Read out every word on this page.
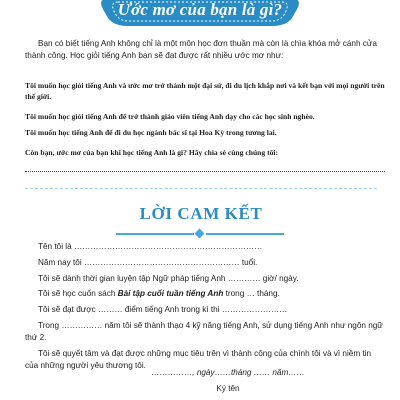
Ước mơ của bạn là gì?

Bạn có biết tiếng Anh không chỉ là một môn học đơn thuần mà còn là chìa khóa mở cánh cửa thành công. Học giỏi tiếng Anh bạn sẽ đạt được rất nhiều ước mơ như:

Tôi muốn học giỏi tiếng Anh và ước mơ trở thành một đại sứ, đi du lịch khắp nơi và kết bạn với mọi người trên thế giới.

Tôi muốn học giỏi tiếng Anh để trở thành giáo viên tiếng Anh dạy cho các học sinh nghèo.

Tôi muốn học tiếng Anh để đi du học ngành bác sĩ tại Hoa Kỳ trong tương lai.

Còn bạn, ước mơ của bạn khi học tiếng Anh là gì? Hãy chia sẻ cùng chúng tôi:

LỜI CAM KẾT

Tên tôi là ……………………………………………………………

Năm nay tôi ………………………………………………… tuổi.

Tôi sẽ dành thời gian luyện tập Ngữ pháp tiếng Anh ………… giờ/ ngày.

Tôi sẽ học cuốn sách Bài tập cuối tuần tiếng Anh trong … tháng.

Tôi sẽ đạt được ……… điểm tiếng Anh trong kì thi ……………………

Trong …………… năm tôi sẽ thành thạo 4 kỹ năng tiếng Anh, sử dụng tiếng Anh như ngôn ngữ thứ 2.

Tôi sẽ quyết tâm và đạt được những mục tiêu trên vì thành công của chính tôi và vì niềm tin của những người yêu thương tôi.

……………, ngày……tháng …… năm……
Ký tên
